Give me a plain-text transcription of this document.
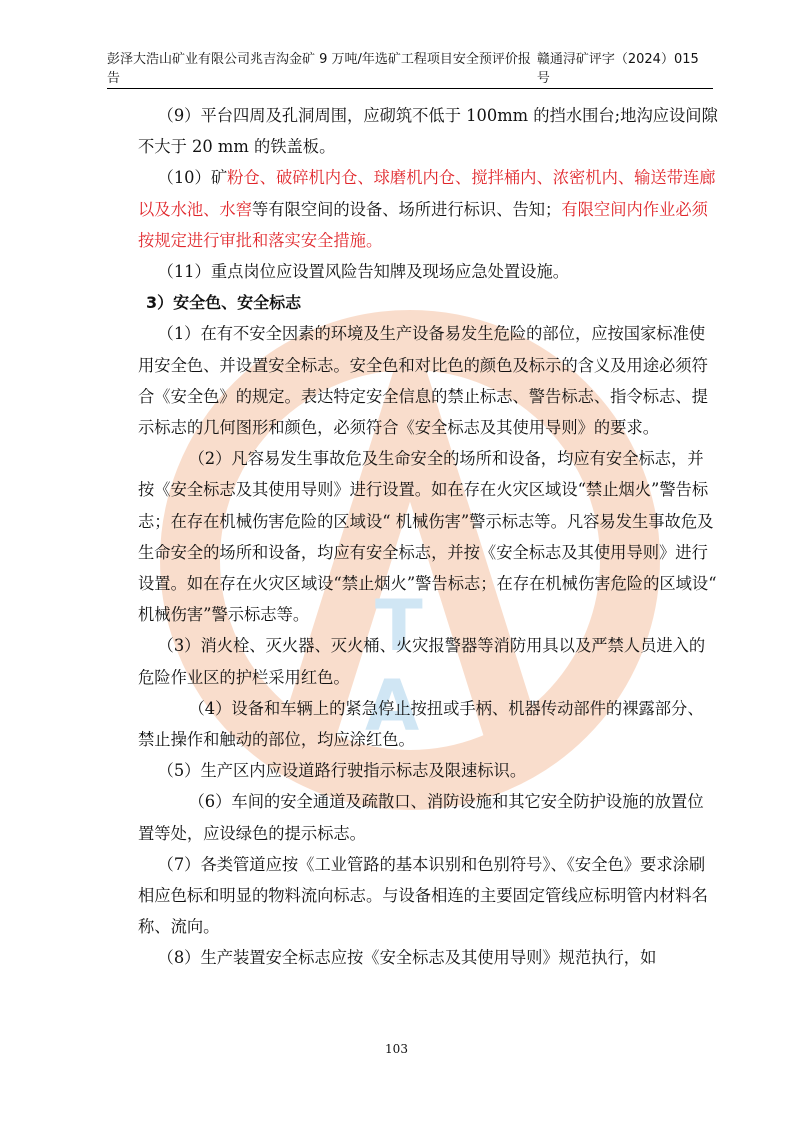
T
A
彭泽大浩山矿业有限公司兆吉沟金矿 9 万吨/年选矿工程项目安全预评价报告
赣通浔矿评字（2024）015 号

（9）平台四周及孔洞周围，应砌筑不低于 100mm 的挡水围台;地沟应设间隙不大于 20 mm 的铁盖板。

（10）矿粉仓、破碎机内仓、球磨机内仓、搅拌桶内、浓密机内、输送带连廊以及水池、水窖等有限空间的设备、场所进行标识、告知；有限空间内作业必须按规定进行审批和落实安全措施。

（11）重点岗位应设置风险告知牌及现场应急处置设施。

3）安全色、安全标志

（1）在有不安全因素的环境及生产设备易发生危险的部位，应按国家标准使用安全色、并设置安全标志。安全色和对比色的颜色及标示的含义及用途必须符合《安全色》的规定。表达特定安全信息的禁止标志、警告标志、指令标志、提示标志的几何图形和颜色，必须符合《安全标志及其使用导则》的要求。

（2）凡容易发生事故危及生命安全的场所和设备，均应有安全标志，并按《安全标志及其使用导则》进行设置。如在存在火灾区域设“禁止烟火”警告标志；在存在机械伤害危险的区域设“ 机械伤害”警示标志等。凡容易发生事故危及生命安全的场所和设备，均应有安全标志，并按《安全标志及其使用导则》进行设置。如在存在火灾区域设“禁止烟火”警告标志；在存在机械伤害危险的区域设“ 机械伤害”警示标志等。

（3）消火栓、灭火器、灭火桶、火灾报警器等消防用具以及严禁人员进入的危险作业区的护栏采用红色。

（4）设备和车辆上的紧急停止按扭或手柄、机器传动部件的裸露部分、禁止操作和触动的部位，均应涂红色。

（5）生产区内应设道路行驶指示标志及限速标识。

（6）车间的安全通道及疏散口、消防设施和其它安全防护设施的放置位置等处，应设绿色的提示标志。

（7）各类管道应按《工业管路的基本识别和色别符号》、《安全色》要求涂刷相应色标和明显的物料流向标志。与设备相连的主要固定管线应标明管内材料名称、流向。

（8）生产装置安全标志应按《安全标志及其使用导则》规范执行，如

103
